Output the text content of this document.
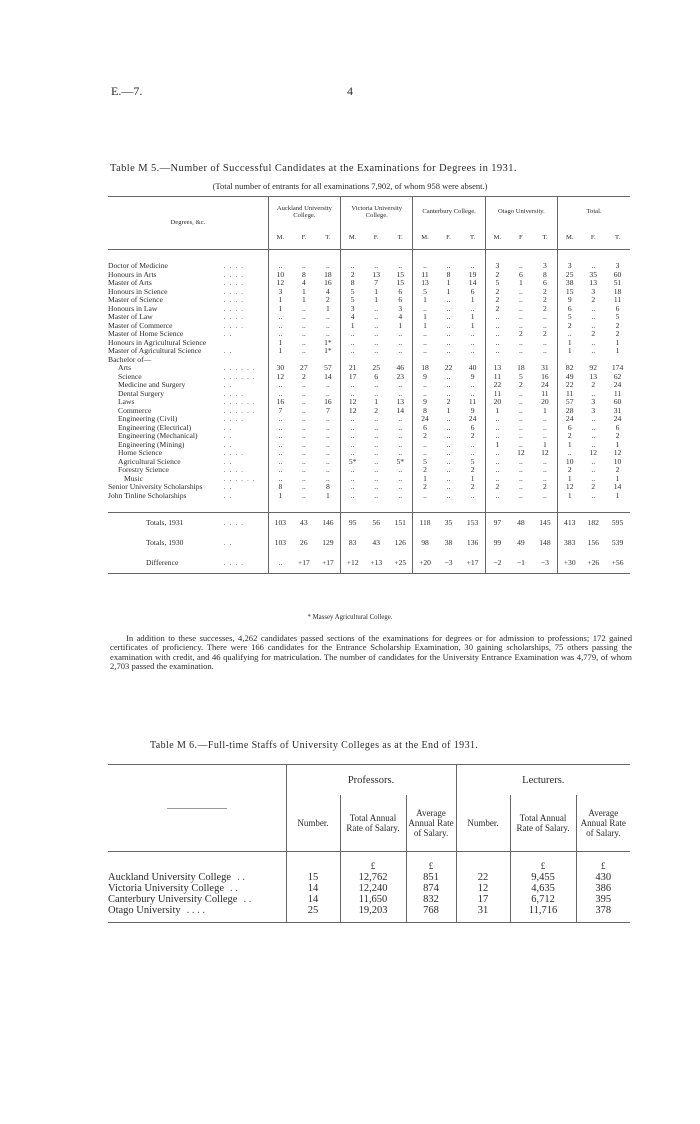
E.—7.	4
Table M 5.—Number of Successful Candidates at the Examinations for Degrees in 1931.
(Total number of entrants for all examinations 7,902, of whom 958 were absent.)
Degrees, &c.		Auckland University College.			Victoria University College.			Canterbury College.			Otago University.			Total.		
		M.	F.	T.	M.	F.	T.	M.	F.	T.	M.	F	T.	M.	F.	T.

Doctor of Medicine	. . . .	..	..	..	..	..	..	..	..	..	3	..	3	3	..	3
Honours in Arts	. . . .	10	8	18	2	13	15	11	8	19	2	6	8	25	35	60
Master of Arts	. . . .	12	4	16	8	7	15	13	1	14	5	1	6	38	13	51
Honours in Science	. . . .	3	1	4	5	1	6	5	1	6	2	..	2	15	3	18
Master of Science	. . . .	1	1	2	5	1	6	1	..	1	2	..	2	9	2	11
Honours in Law	. . . .	1	..	1	3	..	3	..	..	..	2	..	2	6	..	6
Master of Law	. . . .	..	..	..	4	..	4	1	..	1	..	..	..	5	..	5
Master of Commerce	. . . .	..	..	..	1	..	1	1	..	1	..	..	..	2	..	2
Master of Home Science	. .	..	..	..	..	..	..	..	..	..	..	2	2	..	2	2
Honours in Agricultural Science		1	..	1*	..	..	..	..	..	..	..	..	..	1	..	1
Master of Agricultural Science	. .	1	..	1*	..	..	..	..	..	..	..	..	..	1	..	1
Bachelor of—																
Arts	. . . . . .	30	27	57	21	25	46	18	22	40	13	18	31	82	92	174
Science	. . . . . .	12	2	14	17	6	23	9	..	9	11	5	16	49	13	62
Medicine and Surgery	. .	..	..	..	..	..	..	..	..	..	22	2	24	22	2	24
Dental Surgery	. . . .	..	..	..	..	..	..	..	..	..	11	..	11	11	..	11
Laws	. . . . . .	16	..	16	12	1	13	9	2	11	20	..	20	57	3	60
Commerce	. . . . . .	7	..	7	12	2	14	8	1	9	1	..	1	28	3	31
Engineering (Civil)	. . . .	..	..	..	..	..	..	24	..	24	..	..	..	24	..	24
Engineering (Electrical)	. .	..	..	..	..	..	..	6	..	6	..	..	..	6	..	6
Engineering (Mechanical)	. .	..	..	..	..	..	..	2	..	2	..	..	..	2	..	2
Engineering (Mining)	. .	..	..	..	..	..	..	..	..	..	1	..	1	1	..	1
Home Science	. . . .	..	..	..	..	..	..	..	..	..	..	12	12	..	12	12
Agricultural Science	. .	..	..	..	5*	..	5*	5	..	5	..	..	..	10	..	10
Forestry Science	. . . .	..	..	..	..	..	..	2	..	2	..	..	..	2	..	2
Music	. . . . . .	..	..	..	..	..	..	1	..	1	..	..	..	1	..	1
Senior University Scholarships	. .	8	..	8	..	..	..	2	..	2	2	..	2	12	2	14
John Tinline Scholarships	. .	1	..	1	..	..	..	..	..	..	..	..	..	1	..	1

Totals, 1931	. . . .	103	43	146	95	56	151	118	35	153	97	48	145	413	182	595
Totals, 1930	. .	103	26	129	83	43	126	98	38	136	99	49	148	383	156	539
Difference	. . . .	..	+17	+17	+12	+13	+25	+20	−3	+17	−2	−1	−3	+30	+26	+56
* Massey Agricultural College.

In addition to these successes, 4,262 candidates passed sections of the examinations for degrees or for admission to professions; 172 gained certificates of proficiency. There were 166 candidates for the Entrance Scholarship Examination, 30 gaining scholarships, 75 others passing the examination with credit, and 46 qualifying for matriculation. The number of candidates for the University Entrance Examination was 4,779, of whom 2,703 passed the examination.

Table M 6.—Full-time Staffs of University Colleges as at the End of 1931.
	Professors.			Lecturers.		
	Number.	Total Annual Rate of Salary.	Average Annual Rate of Salary.	Number.	Total Annual Rate of Salary.	Average Annual Rate of Salary.
		£	£		£	£
Auckland University College . .	15	12,762	851	22	9,455	430
Victoria University College . .	14	12,240	874	12	4,635	386
Canterbury University College . .	14	11,650	832	17	6,712	395
Otago University . . . .	25	19,203	768	31	11,716	378
